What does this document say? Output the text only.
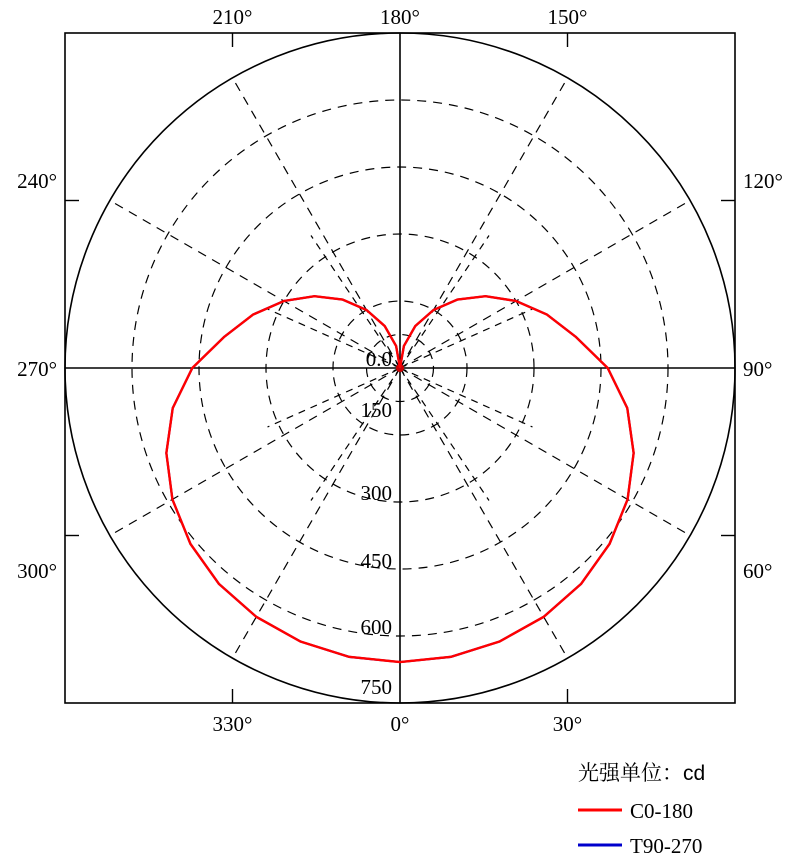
210°	180°	150°
240°	120°
270°	90°
300°	60°
330°	0°	30°
0.0
150
300
450
600
750
光强单位：cd
C0-180
T90-270
